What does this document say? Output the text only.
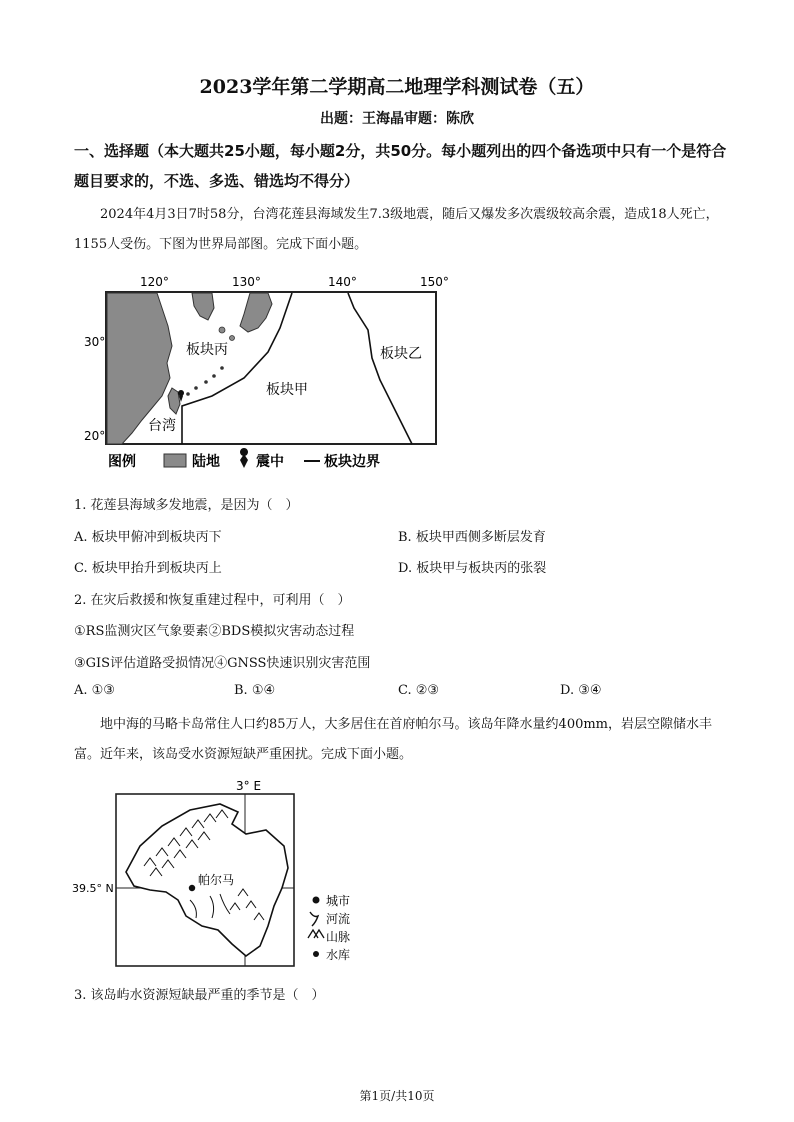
2023学年第二学期高二地理学科测试卷（五）
出题：王海晶审题：陈欣
一、选择题（本大题共25小题，每小题2分，共50分。每小题列出的四个备选项中只有一个是符合题目要求的，不选、多选、错选均不得分）
2024年4月3日7时58分，台湾花莲县海域发生7.3级地震，随后又爆发多次震级较高余震，造成18人死亡，1155人受伤。下图为世界局部图。完成下面小题。
120°	130°	140°	150°
30°
20°
板块丙
板块甲
板块乙
台湾
图例	陆地	震中	板块边界
1. 花莲县海域多发地震，是因为（　）
A. 板块甲俯冲到板块丙下	B. 板块甲西侧多断层发育
C. 板块甲抬升到板块丙上	D. 板块甲与板块丙的张裂
2. 在灾后救援和恢复重建过程中，可利用（　）
①RS监测灾区气象要素②BDS模拟灾害动态过程
③GIS评估道路受损情况④GNSS快速识别灾害范围
A. ①③	B. ①④	C. ②③	D. ③④
地中海的马略卡岛常住人口约85万人，大多居住在首府帕尔马。该岛年降水量约400mm，岩层空隙储水丰富。近年来，该岛受水资源短缺严重困扰。完成下面小题。
3° E
39.5° N
帕尔马
城市
河流
山脉
水库
3. 该岛屿水资源短缺最严重的季节是（　）
第1页/共10页
